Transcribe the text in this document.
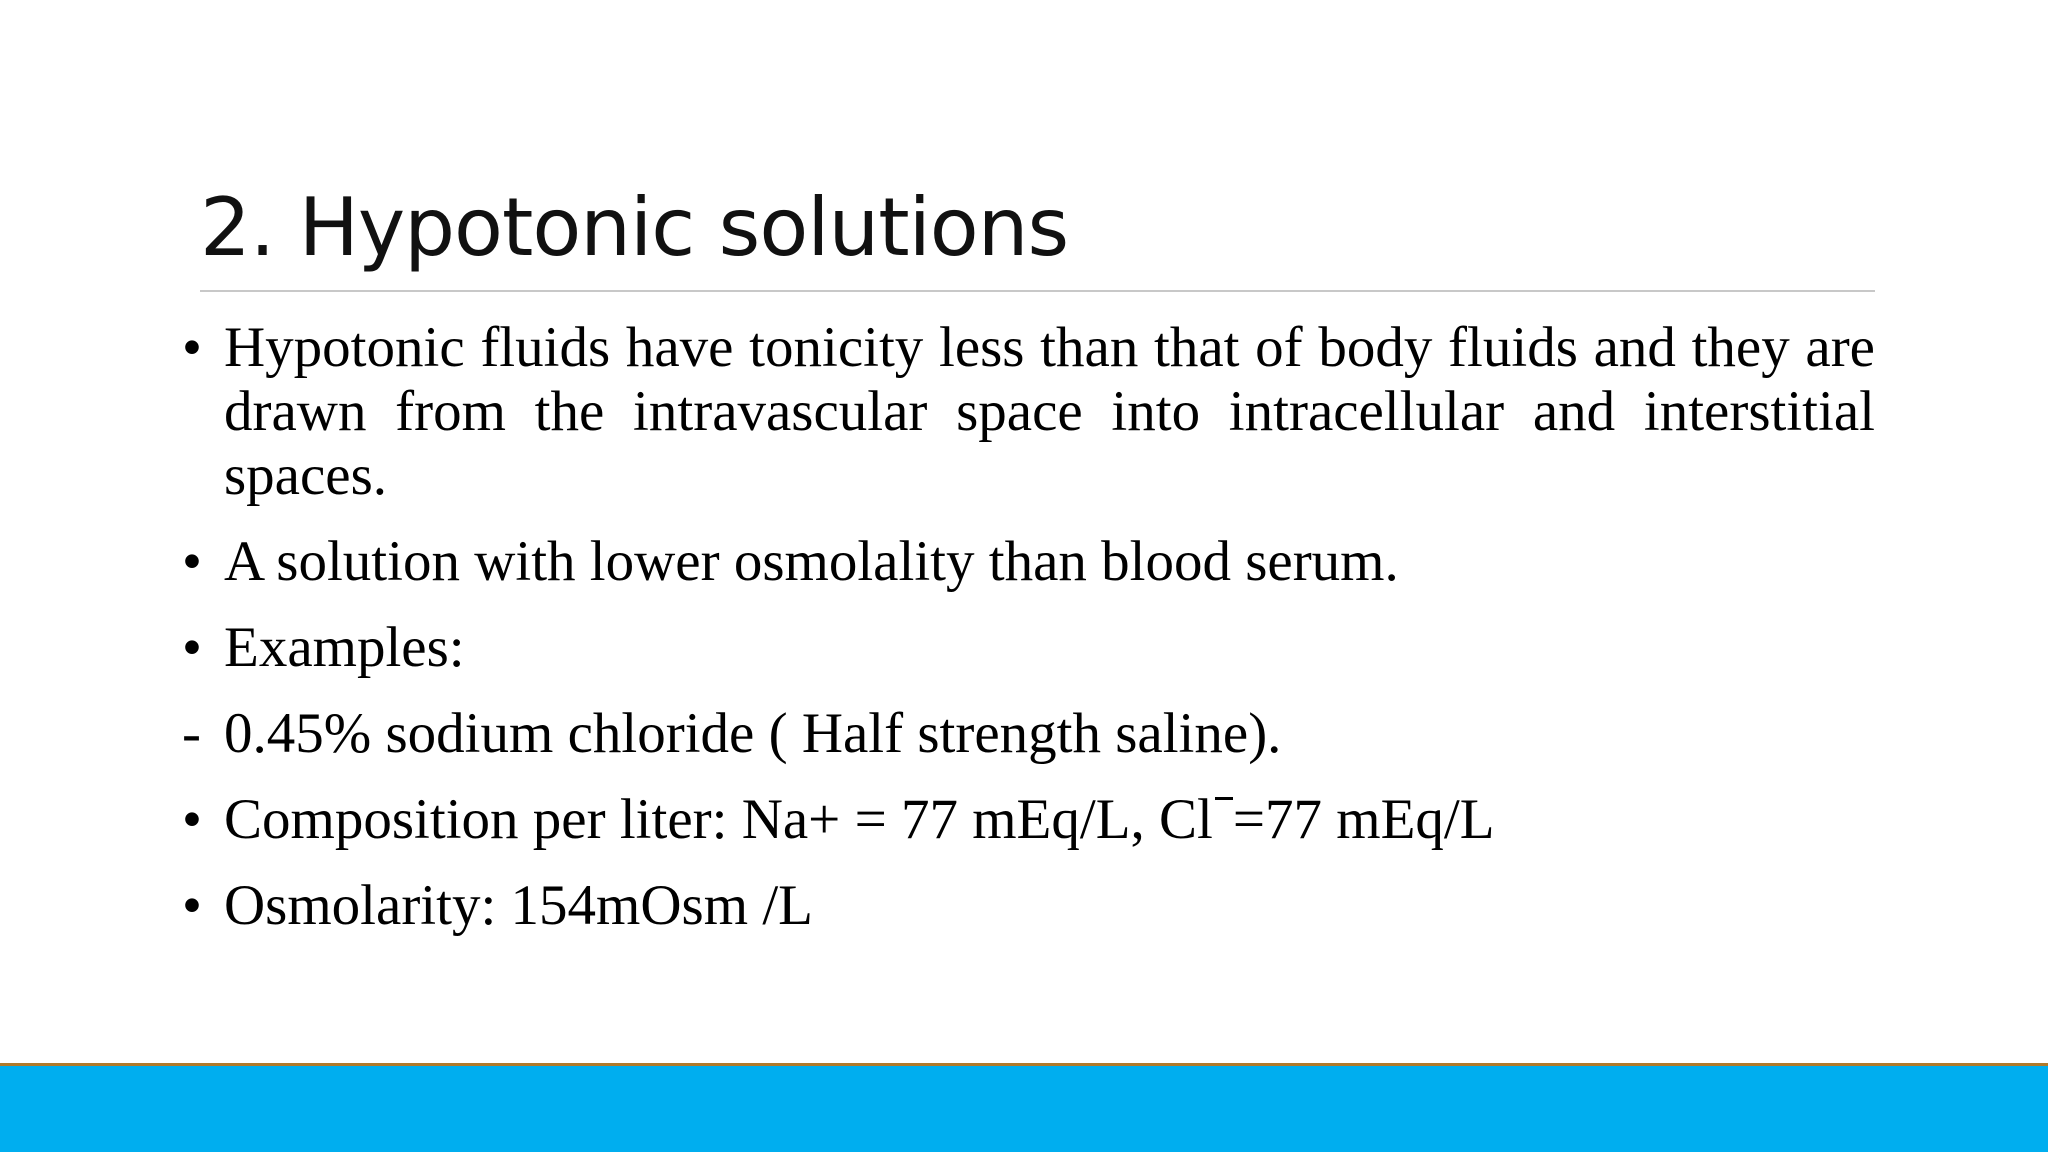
2. Hypotonic solutions
• Hypotonic fluids have tonicity less than that of body fluids and they are drawn from the intravascular space into intracellular and interstitial spaces.
• A solution with lower osmolality than blood serum.
• Examples:
- 0.45% sodium chloride ( Half strength saline).
• Composition per liter: Na+ = 77 mEq/L, Cl =77 mEq/L
• Osmolarity: 154mOsm /L
